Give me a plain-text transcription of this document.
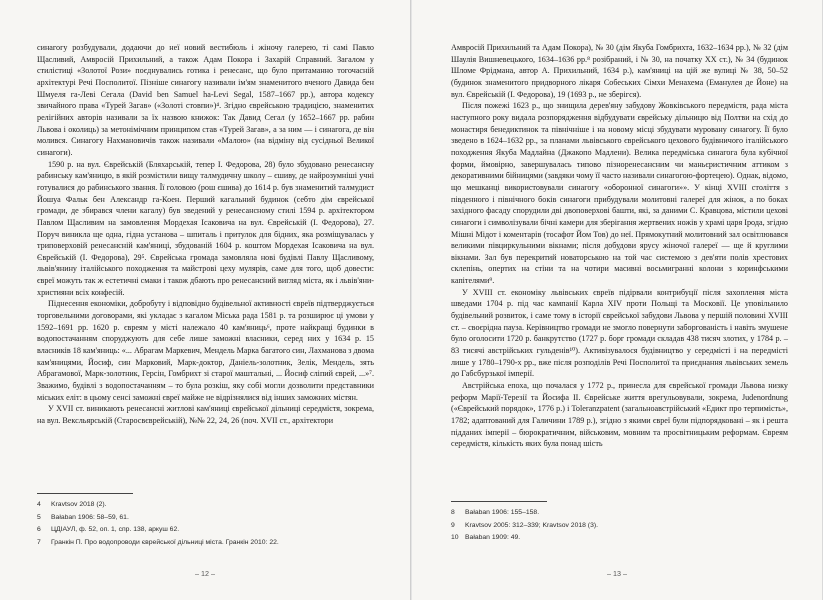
синагогу розбудували, додаючи до неї новий вестибюль і жіночу галерею, ті самі Павло Щасливий, Амвросій Прихильний, а також Адам Покора і Захарій Справний. Загалом у стилістиці «Золотої Рози» поєднувались готика і ренесанс, що було притаманно тогочасній архітектурі Речі Посполитої. Пізніше синагогу називали ім'ям знаменитого вченого Давида бен Шмуеля га-Леві Сегала (David ben Samuel ha-Levi Segal, 1587–1667 рр.), автора кодексу звичайного права «Турей Загав» («Золоті стовпи»)⁴. Згідно єврейською традицією, знаменитих релігійних авторів називали за їх назвою книжок: Так Давид Сегал (у 1652–1667 рр. рабин Львова і околиць) за метонімічним принципом став «Турей Загав», а за ним — і синагога, де він молився. Синагогу Нахмановичів також називали «Малою» (на відміну від сусідньої Великої синагоги).

1590 р. на вул. Єврейській (Бляхарській, тепер І. Федорова, 28) було збудовано ренесансну рабинську кам'яницю, в якій розмістили вищу талмудичну школу – єшиву, де найрозумніші учні готувалися до рабинського звання. Її головою (рош єшива) до 1614 р. був знаменитий талмудист Йошуа Фальк бен Александр га-Коен. Перший кагальний будинок (себто дім єврейської громади, де збирався члени кагалу) був зведений у ренесансному стилі 1594 р. архітектором Павлом Щасливим на замовлення Мордехая Ісаковича на вул. Єврейській (І. Федорова), 27. Поруч виникла ще одна, гідна установа – шпиталь і притулок для бідних, яка розміщувалась у триповерховій ренесансній кам'яниці, збудованій 1604 р. коштом Мордехая Ісаковича на вул. Єврейській (І. Федорова), 29⁵. Єврейська громада замовляла нові будівлі Павлу Щасливому, львів'янину італійського походження та майстрові цеху мулярів, саме для того, щоб довести: євреї можуть так ж естетичні смаки і також дбають про ренесансний вигляд міста, як і львів'яни-християни всіх конфесій.

Піднесення економіки, добробуту і відповідно будівельної активності євреїв підтверджується торговельними договорами, які укладає з кагалом Міська рада 1581 р. та розширює ці умови у 1592–1691 рр. 1620 р. євреям у місті належало 40 кам'яниць⁶, проте найкращі будинки в водопостачанням споруджують для себе лише заможні власники, серед них у 1634 р. 15 власників 18 кам'яниць: «... Абрагам Маркевич, Мендель Марка багатого син, Лахманова з двома кам'яницями, Йосиф, син Марковий, Марк-доктор, Даніель-золотник, Зелік, Мендель, зять Абрагамової, Марк-золотник, Герсін, Гомбрихт зі старої маштальні, ... Йосиф сліпий єврей, ...»⁷. Зважимо, будівлі з водопостачанням – то була розкіш, яку собі могли дозволити представники міських еліт: в цьому сенсі заможні євреї майже не відрізнялися від інших заможних містян.

У XVII ст. виникають ренесансні житлові кам'яниці єврейської дільниці середмістя, зокрема, на вул. Вексльярській (Старосвєврейській), №№ 22, 24, 26 (поч. XVII ст., архітектори

4	Kravtsov 2018 (2).
5	Bałaban 1906: 58–59, 61.
6	ЦДІАУЛ, ф. 52, оп. 1, спр. 138, аркуш 62.
7	Гранкін П. Про водопроводи єврейської дільниці міста. Гранкін 2010: 22.
– 12 –

Амвросій Прихильний та Адам Покора), № 30 (дім Якуба Гомбрихта, 1632–1634 рр.), № 32 (дім Шаулія Вишневецького, 1634–1636 рр.⁸ розібраний, і № 30, на початку XX ст.), № 34 (будинок Шломе Фрідмана, автор А. Прихильний, 1634 р.), кам'яниці на цій же вулиці № 38, 50–52 (будинок знаменитого придворного лікаря Собеських Сімхи Менахема (Еманулея де Йоне) на вул. Єврейській (І. Федорова), 19 (1693 р., не зберігся).

Після пожежі 1623 р., що знищила дерев'яну забудову Жовківського передмістя, рада міста наступного року видала розпорядження відбудувати єврейську дільницю від Полтви на схід до монастиря бенедиктинок та північніше і на новому місці збудувати муровану синагогу. Її було зведено в 1624–1632 рр., за планами львівського єврейського цехового будівничого італійського походження Якуба Мадлайна (Джакопо Мадлени). Велика передміська синагога була кубічної форми, ймовірно, завершувалась типово пізноренесансним чи маньєристичним аттиком з декоративними бійницями (завдяки чому її часто називали синагогою-фортецею). Однак, відомо, що мешканці використовували синагогу «оборонної синагоги»». У кінці XVIII століття з південного і північного боків синагоги прибудували молитовні галереї для жінок, а по боках західного фасаду спорудили дві двоповерхові башти, які, за даними С. Кравцова, містили цехові синагоги і символізували бічні камери для зберігання жертвених ножів у храмі царя Ірода, згідно Мішні Мідот і коментарів (тосафот Йом Тов) до неї. Прямокутний молитовний зал освітлювався великими півциркульними вікнами; після добудови ярусу жіночої галереї — ще й круглими вікнами. Зал був перекритий новаторською на той час системою з дев'яти полів хрестових склепінь, опертих на стіни та на чотири масивні восьмигранні колони з коринфськими капітелями⁹.

У XVIII ст. економіку львівських євреїв підірвали контрибуції після захоплення міста шведами 1704 р. під час кампанії Карла XIV проти Польщі та Московії. Це уповільнило будівельний розвиток, і саме тому в історії єврейської забудови Львова у першій половині XVIII ст. – своєрідна пауза. Керівництво громади не змогло повернути заборгованість і навіть змушене було оголосити 1720 р. банкрутство (1727 р. борг громади складав 438 тисяч злотих, у 1784 р. – 83 тисячі австрійських гульденів¹⁰). Активізувалося будівництво у середмісті і на передмісті лише у 1780–1790-х рр., вже після розподілів Речі Посполитої та приєднання львівських земель до Габсбурзької імперії.

Австрійська епоха, що почалася у 1772 р., принесла для єврейської громади Львова низку реформ Марії-Терезії та Йосифа II. Єврейське життя врегульовували, зокрема, Judenordnung («Єврейський порядок», 1776 р.) і Toleranzpatent (загальноавстрійський «Едикт про терпимість», 1782; адаптований для Галичини 1789 р.), згідно з якими євреї були підпорядковані – як і решта підданих імперії – бюрократичним, військовим, мовним та просвітницьким реформам. Євреям середмістя, кількість яких була понад шість

8	Bałaban 1906: 155–158.
9	Kravtsov 2005: 312–339; Kravtsov 2018 (3).
10 Bałaban 1909: 49.
– 13 –
